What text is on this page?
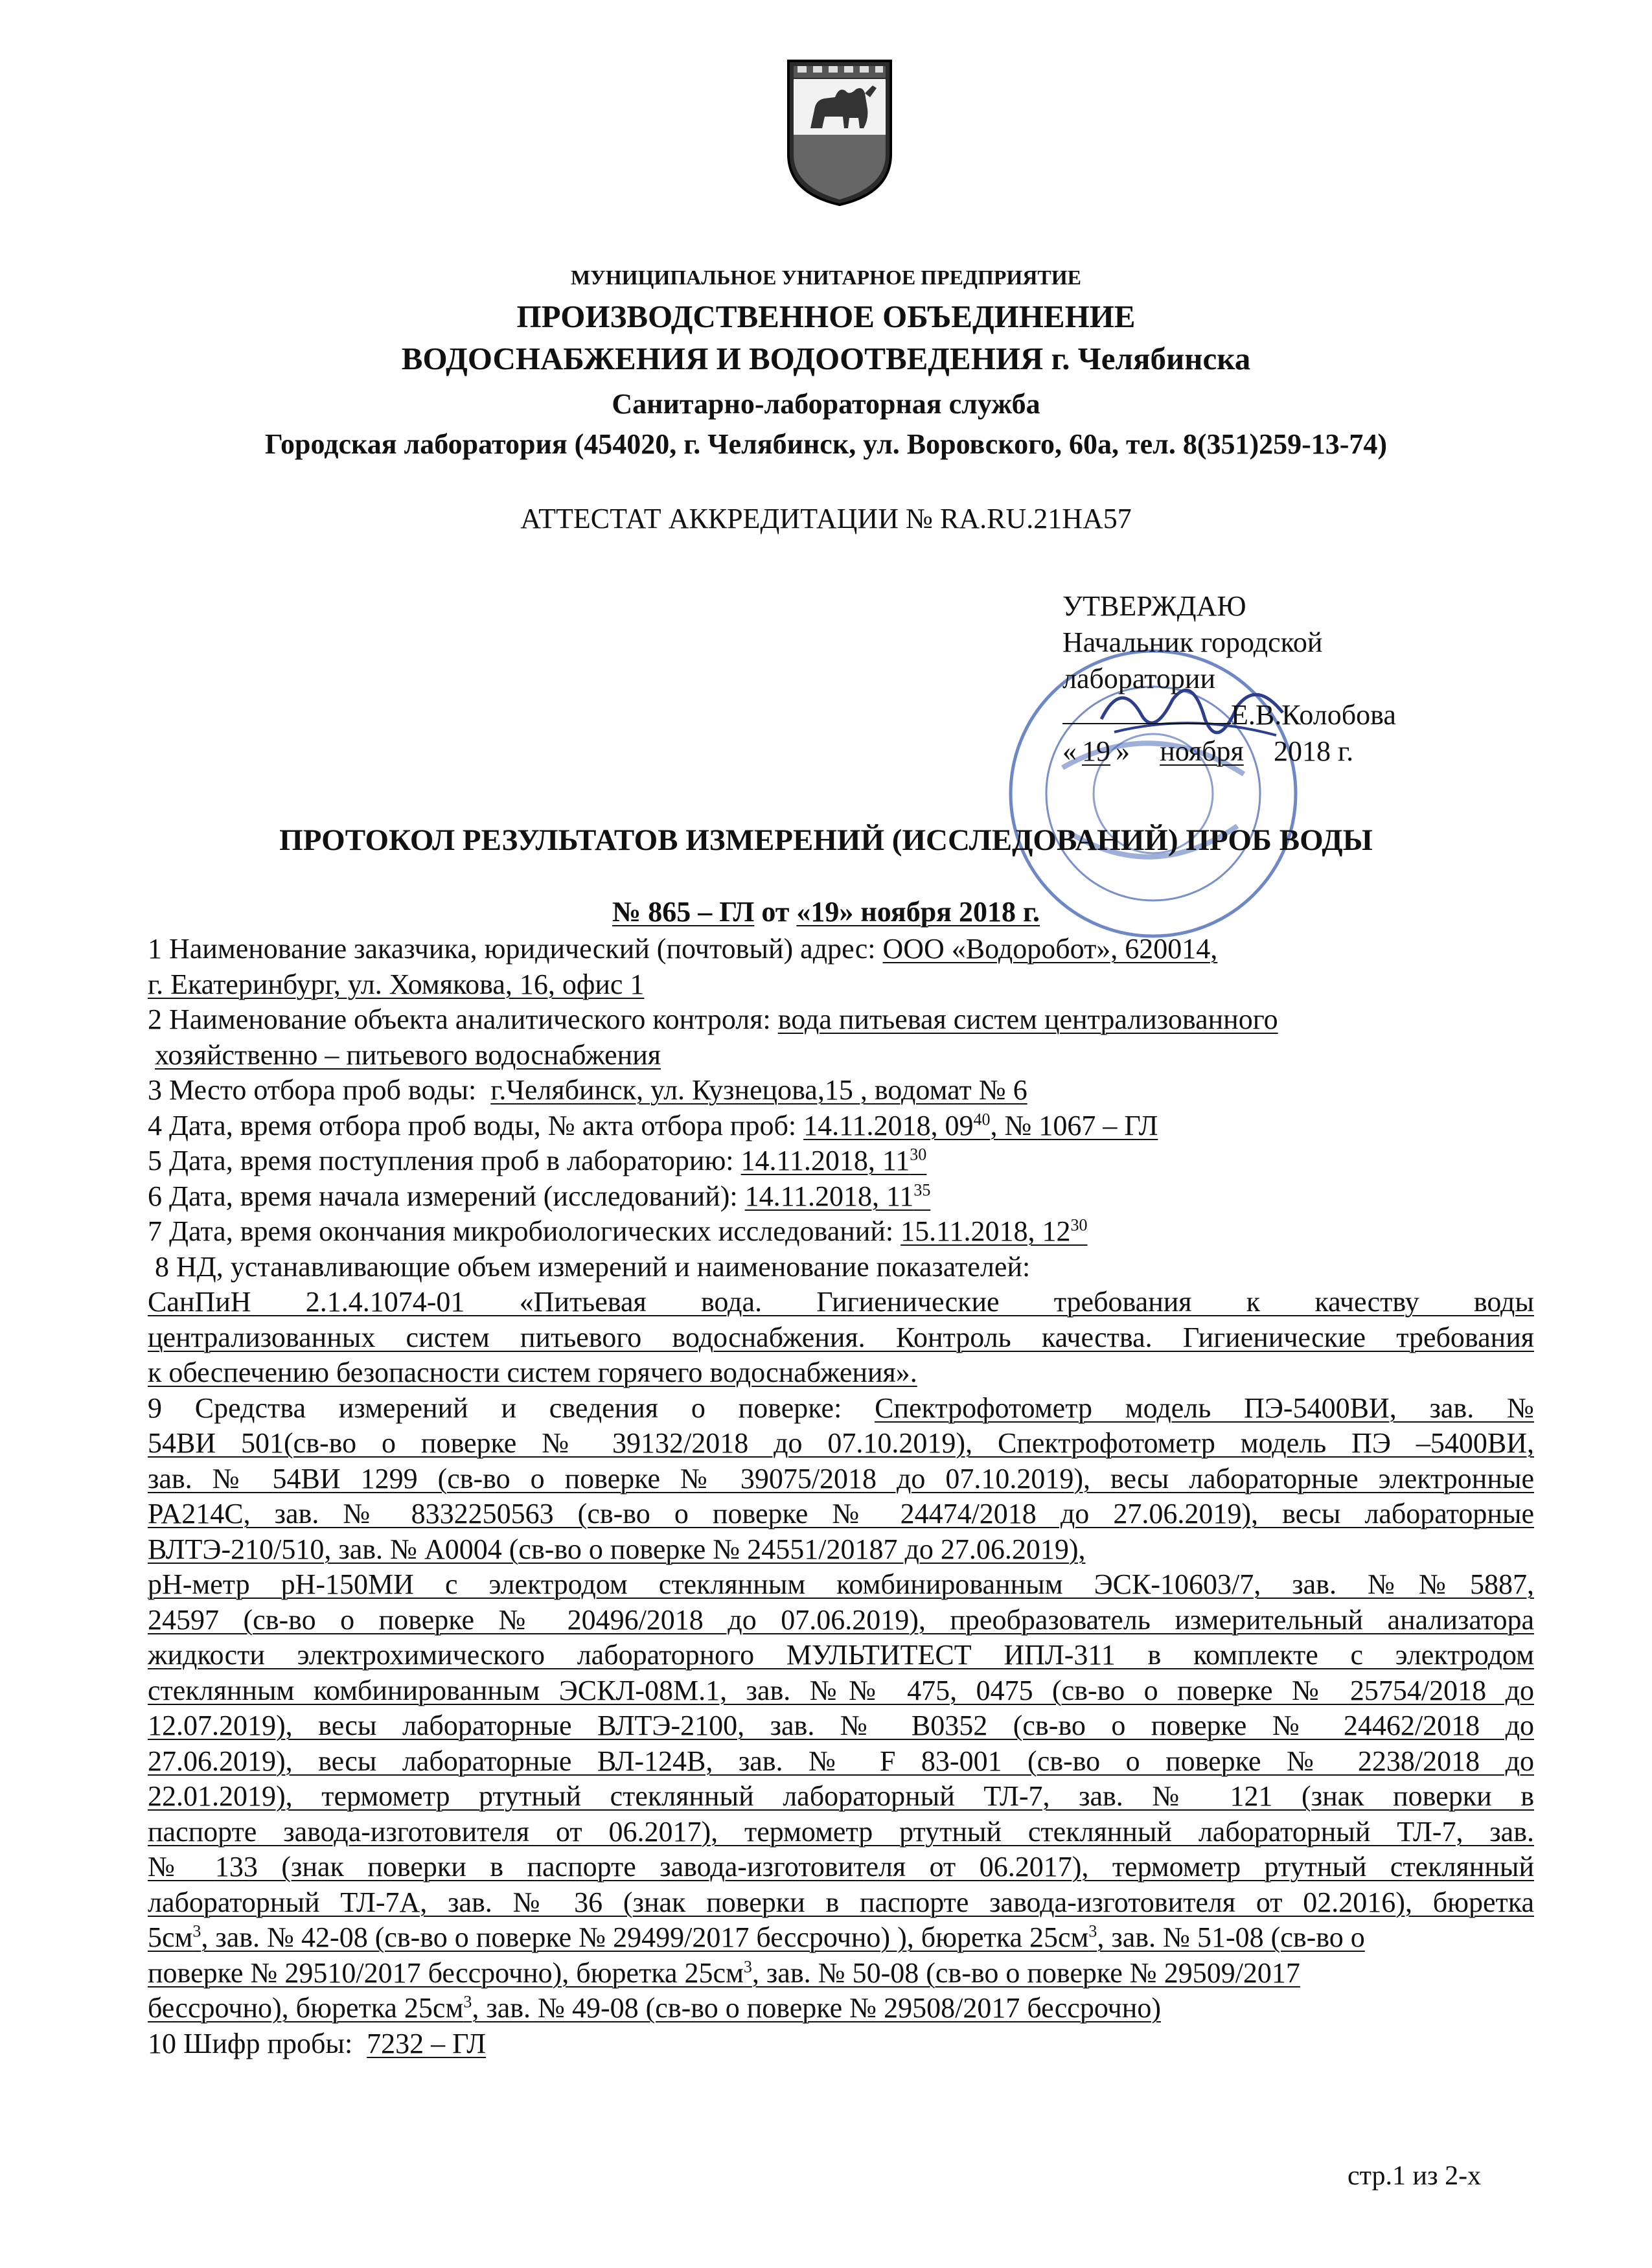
МУНИЦИПАЛЬНОЕ УНИТАРНОЕ ПРЕДПРИЯТИЕ
ПРОИЗВОДСТВЕННОЕ ОБЪЕДИНЕНИЕ
ВОДОСНАБЖЕНИЯ И ВОДООТВЕДЕНИЯ г. Челябинска
Санитарно-лабораторная служба
Городская лаборатория (454020, г. Челябинск, ул. Воровского, 60а, тел. 8(351)259-13-74)
АТТЕСТАТ АККРЕДИТАЦИИ № RA.RU.21НА57
УТВЕРЖДАЮ
Начальник городской
лаборатории
Е.В.Колобова
« 19 » ноября 2018 г.
ПРОТОКОЛ РЕЗУЛЬТАТОВ ИЗМЕРЕНИЙ (ИССЛЕДОВАНИЙ) ПРОБ ВОДЫ
№ 865 – ГЛ от «19» ноября 2018 г.
1 Наименование заказчика, юридический (почтовый) адрес: ООО «Водоробот», 620014,
г. Екатеринбург, ул. Хомякова, 16, офис 1
2 Наименование объекта аналитического контроля: вода питьевая систем централизованного
хозяйственно – питьевого водоснабжения
3 Место отбора проб воды: г.Челябинск, ул. Кузнецова,15 , водомат № 6
4 Дата, время отбора проб воды, № акта отбора проб: 14.11.2018, $09^{40}$, № 1067 – ГЛ
5 Дата, время поступления проб в лабораторию: 14.11.2018, $11^{30}$
6 Дата, время начала измерений (исследований): 14.11.2018, $11^{35}$
7 Дата, время окончания микробиологических исследований: 15.11.2018, $12^{30}$
8 НД, устанавливающие объем измерений и наименование показателей:
СанПиН 2.1.4.1074-01 «Питьевая вода. Гигиенические требования к качеству воды
централизованных систем питьевого водоснабжения. Контроль качества. Гигиенические требования
к обеспечению безопасности систем горячего водоснабжения».
9 Средства измерений и сведения о поверке: Спектрофотометр модель ПЭ-5400ВИ, зав. №
54ВИ 501(св-во о поверке № 39132/2018 до 07.10.2019), Спектрофотометр модель ПЭ –5400ВИ,
зав. № 54ВИ 1299 (св-во о поверке № 39075/2018 до 07.10.2019), весы лабораторные электронные
PA214C, зав. № 8332250563 (св-во о поверке № 24474/2018 до 27.06.2019), весы лабораторные
ВЛТЭ-210/510, зав. № А0004 (св-во о поверке № 24551/20187 до 27.06.2019),
pH-метр pH-150МИ с электродом стеклянным комбинированным ЭСК-10603/7, зав. №№5887,
24597 (св-во о поверке № 20496/2018 до 07.06.2019), преобразователь измерительный анализатора
жидкости электрохимического лабораторного МУЛЬТИТЕСТ ИПЛ-311 в комплекте с электродом
стеклянным комбинированным ЭСКЛ-08М.1, зав. №№ 475, 0475 (св-во о поверке № 25754/2018 до
12.07.2019), весы лабораторные ВЛТЭ-2100, зав. № В0352 (св-во о поверке № 24462/2018 до
27.06.2019), весы лабораторные ВЛ-124В, зав. № F 83-001 (св-во о поверке № 2238/2018 до
22.01.2019), термометр ртутный стеклянный лабораторный ТЛ-7, зав. № 121 (знак поверки в
паспорте завода-изготовителя от 06.2017), термометр ртутный стеклянный лабораторный ТЛ-7, зав.
№ 133 (знак поверки в паспорте завода-изготовителя от 06.2017), термометр ртутный стеклянный
лабораторный ТЛ-7А, зав. № 36 (знак поверки в паспорте завода-изготовителя от 02.2016), бюретка
$5см^3$, зав. № 42-08 (св-во о поверке № 29499/2017 бессрочно) ), бюретка $25см^3$, зав. № 51-08 (св-во о
поверке № 29510/2017 бессрочно), бюретка $25см^3$, зав. № 50-08 (св-во о поверке № 29509/2017
бессрочно), бюретка $25см^3$, зав. № 49-08 (св-во о поверке № 29508/2017 бессрочно)
10 Шифр пробы: 7232 – ГЛ
стр.1 из 2-х
